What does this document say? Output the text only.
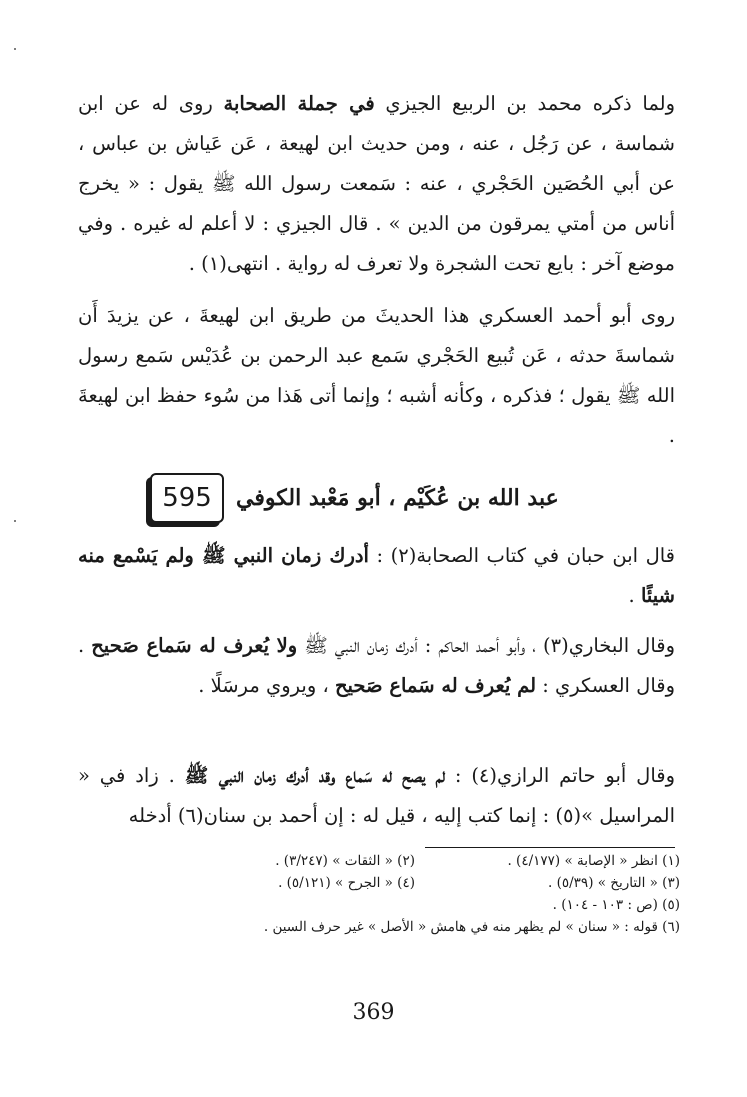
ولما ذكره محمد بن الربيع الجيزي في جملة الصحابة روى له عن ابن شماسة ، عن رَجُل ، عنه ، ومن حديث ابن لهيعة ، عَن عَياش بن عباس ، عن أبي الحُصَين الحَجْري ، عنه : سَمعت رسول الله ﷺ يقول : « يخرج أناس من أمتي يمرقون من الدين » . قال الجيزي : لا أعلم له غيره . وفي موضع آخر : بايع تحت الشجرة ولا تعرف له رواية . انتهى(١) .

روى أبو أحمد العسكري هذا الحديثَ من طريق ابن لهيعةَ ، عن يزيدَ أَن شماسةَ حدثه ، عَن تُبيع الحَجْري سَمع عبد الرحمن بن عُدَيْس سَمع رسول الله ﷺ يقول ؛ فذكره ، وكأنه أشبه ؛ وإنما أتى هَذا من سُوء حفظ ابن لهيعةَ .

595 عبد الله بن عُكَيْم ، أبو مَعْبد الكوفي

قال ابن حبان في كتاب الصحابة(٢) : أدرك زمان النبي ﷺ ولم يَسْمع منه شيئًا .

وقال البخاري(٣) ، وأبو أحمد الحاكم : أدرك زمان النبي ﷺ ولا يُعرف له سَماع صَحيح . وقال العسكري : لم يُعرف له سَماع صَحيح ، ويروي مرسَلًا .

وقال أبو حاتم الرازي(٤) : لم يصح له سَماع وقد أدرك زمان النبي ﷺ . زاد في « المراسيل »(٥) : إنما كتب إليه ، قيل له : إن أحمد بن سنان(٦) أدخله

(١) انظر « الإصابة » (٤/١٧٧) .
(٢) « الثقات » (٣/٢٤٧) .
(٣) « التاريخ » (٥/٣٩) .
(٤) « الجرح » (٥/١٢١) .
(٥) (ص : ١٠٣ - ١٠٤) .
(٦) قوله : « سنان » لم يظهر منه في هامش « الأصل » غير حرف السين .
369
